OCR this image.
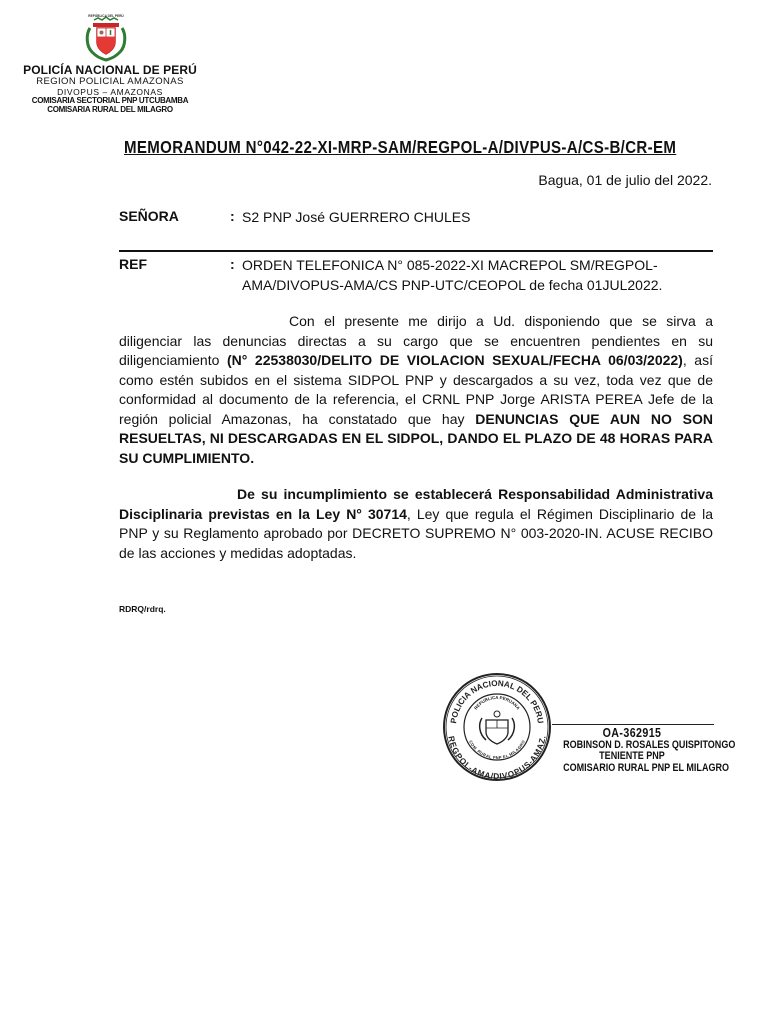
REPÚBLICA DEL PERÚ
POLICÍA NACIONAL DE PERÚ
REGION POLICIAL AMAZONAS
DIVOPUS – AMAZONAS
COMISARIA SECTORIAL PNP UTCUBAMBA
COMISARIA RURAL DEL MILAGRO
MEMORANDUM N°042-22-XI-MRP-SAM/REGPOL-A/DIVPUS-A/CS-B/CR-EM
Bagua, 01 de julio del 2022.
SEÑORA	: S2 PNP José GUERRERO CHULES
REF	: ORDEN TELEFONICA N° 085-2022-XI MACREPOL SM/REGPOL-
AMA/DIVOPUS-AMA/CS PNP-UTC/CEOPOL de fecha 01JUL2022.
Con el presente me dirijo a Ud. disponiendo que se sirva a diligenciar las denuncias directas a su cargo que se encuentren pendientes en su diligenciamiento (N° 22538030/DELITO DE VIOLACION SEXUAL/FECHA 06/03/2022), así como estén subidos en el sistema SIDPOL PNP y descargados a su vez, toda vez que de conformidad al documento de la referencia, el CRNL PNP Jorge ARISTA PEREA Jefe de la región policial Amazonas, ha constatado que hay DENUNCIAS QUE AUN NO SON RESUELTAS, NI DESCARGADAS EN EL SIDPOL, DANDO EL PLAZO DE 48 HORAS PARA SU CUMPLIMIENTO.
De su incumplimiento se establecerá Responsabilidad Administrativa Disciplinaria previstas en la Ley N° 30714, Ley que regula el Régimen Disciplinario de la PNP y su Reglamento aprobado por DECRETO SUPREMO N° 003-2020-IN. ACUSE RECIBO de las acciones y medidas adoptadas.
RDRQ/rdrq.
POLICIA NACIONAL DEL PERU
REGPOL-AMA/DIVOPUS-AMAZ.
REPUBLICA PERUANA
COM. RURAL PNP EL MILAGRO
OA-362915
ROBINSON D. ROSALES QUISPITONGO
TENIENTE PNP
COMISARIO RURAL PNP EL MILAGRO
